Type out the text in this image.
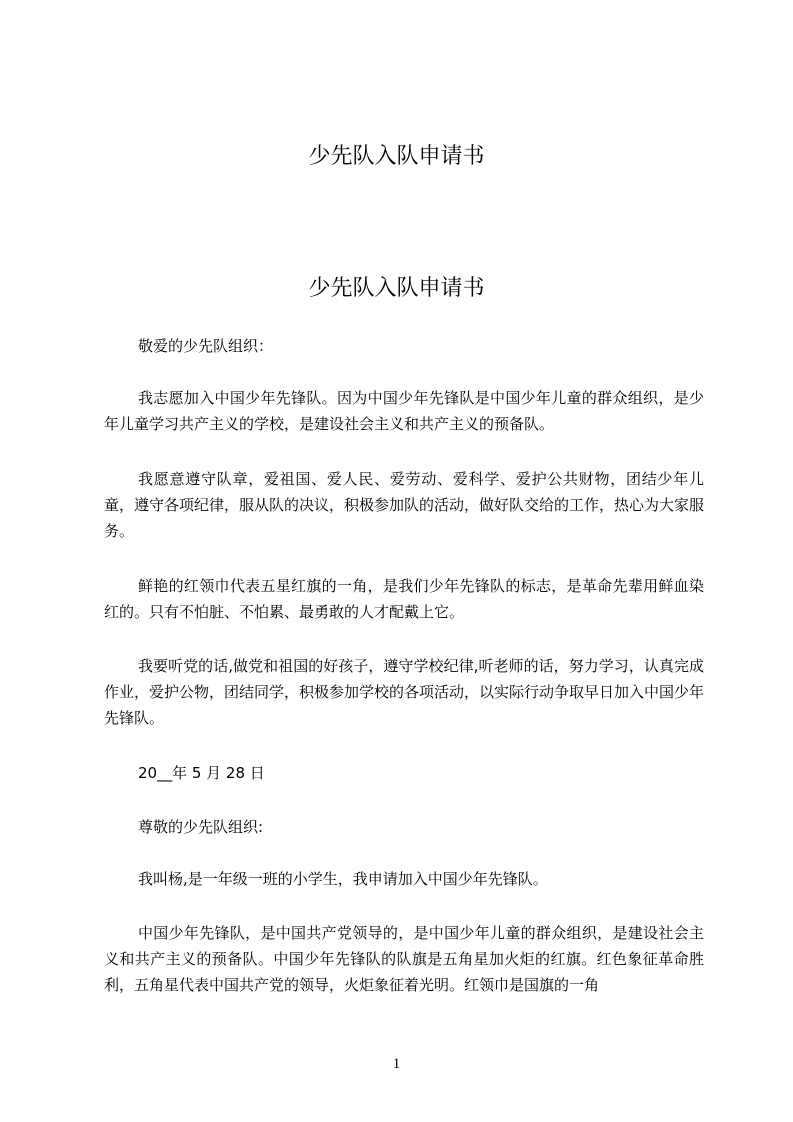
少先队入队申请书
少先队入队申请书

敬爱的少先队组织：

我志愿加入中国少年先锋队。因为中国少年先锋队是中国少年儿童的群众组织，是少年儿童学习共产主义的学校，是建设社会主义和共产主义的预备队。

我愿意遵守队章，爱祖国、爱人民、爱劳动、爱科学、爱护公共财物，团结少年儿童，遵守各项纪律，服从队的决议，积极参加队的活动，做好队交给的工作，热心为大家服务。

鲜艳的红领巾代表五星红旗的一角，是我们少年先锋队的标志，是革命先辈用鲜血染红的。只有不怕脏、不怕累、最勇敢的人才配戴上它。

我要听党的话,做党和祖国的好孩子，遵守学校纪律,听老师的话，努力学习，认真完成作业，爱护公物，团结同学，积极参加学校的各项活动，以实际行动争取早日加入中国少年先锋队。

20__年 5 月 28 日

尊敬的少先队组织:

我叫杨,是一年级一班的小学生，我申请加入中国少年先锋队。

中国少年先锋队，是中国共产党领导的，是中国少年儿童的群众组织，是建设社会主义和共产主义的预备队。中国少年先锋队的队旗是五角星加火炬的红旗。红色象征革命胜利，五角星代表中国共产党的领导，火炬象征着光明。红领巾是国旗的一角

1
